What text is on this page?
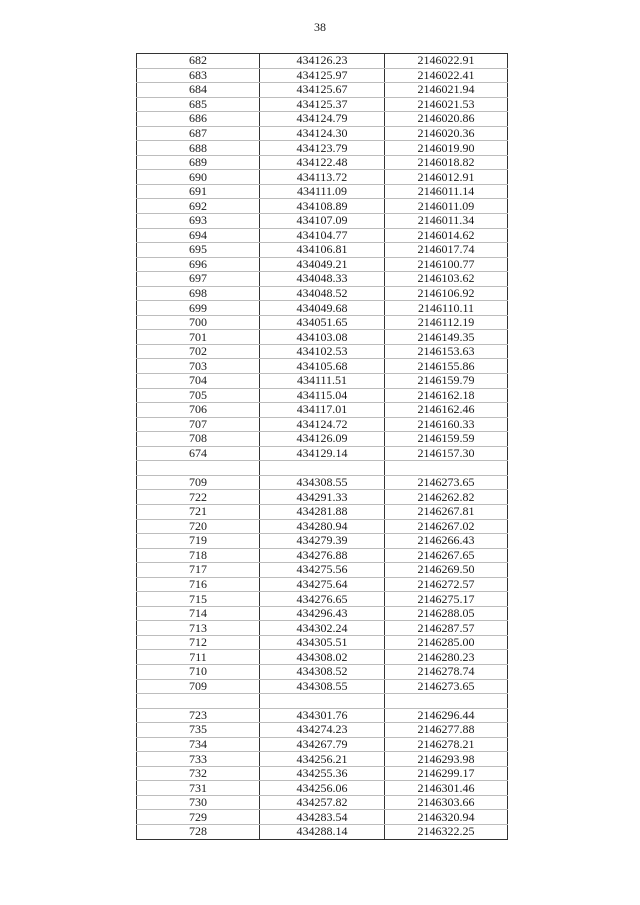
38
682	434126.23	2146022.91
683	434125.97	2146022.41
684	434125.67	2146021.94
685	434125.37	2146021.53
686	434124.79	2146020.86
687	434124.30	2146020.36
688	434123.79	2146019.90
689	434122.48	2146018.82
690	434113.72	2146012.91
691	434111.09	2146011.14
692	434108.89	2146011.09
693	434107.09	2146011.34
694	434104.77	2146014.62
695	434106.81	2146017.74
696	434049.21	2146100.77
697	434048.33	2146103.62
698	434048.52	2146106.92
699	434049.68	2146110.11
700	434051.65	2146112.19
701	434103.08	2146149.35
702	434102.53	2146153.63
703	434105.68	2146155.86
704	434111.51	2146159.79
705	434115.04	2146162.18
706	434117.01	2146162.46
707	434124.72	2146160.33
708	434126.09	2146159.59
674	434129.14	2146157.30

709	434308.55	2146273.65
722	434291.33	2146262.82
721	434281.88	2146267.81
720	434280.94	2146267.02
719	434279.39	2146266.43
718	434276.88	2146267.65
717	434275.56	2146269.50
716	434275.64	2146272.57
715	434276.65	2146275.17
714	434296.43	2146288.05
713	434302.24	2146287.57
712	434305.51	2146285.00
711	434308.02	2146280.23
710	434308.52	2146278.74
709	434308.55	2146273.65

723	434301.76	2146296.44
735	434274.23	2146277.88
734	434267.79	2146278.21
733	434256.21	2146293.98
732	434255.36	2146299.17
731	434256.06	2146301.46
730	434257.82	2146303.66
729	434283.54	2146320.94
728	434288.14	2146322.25
